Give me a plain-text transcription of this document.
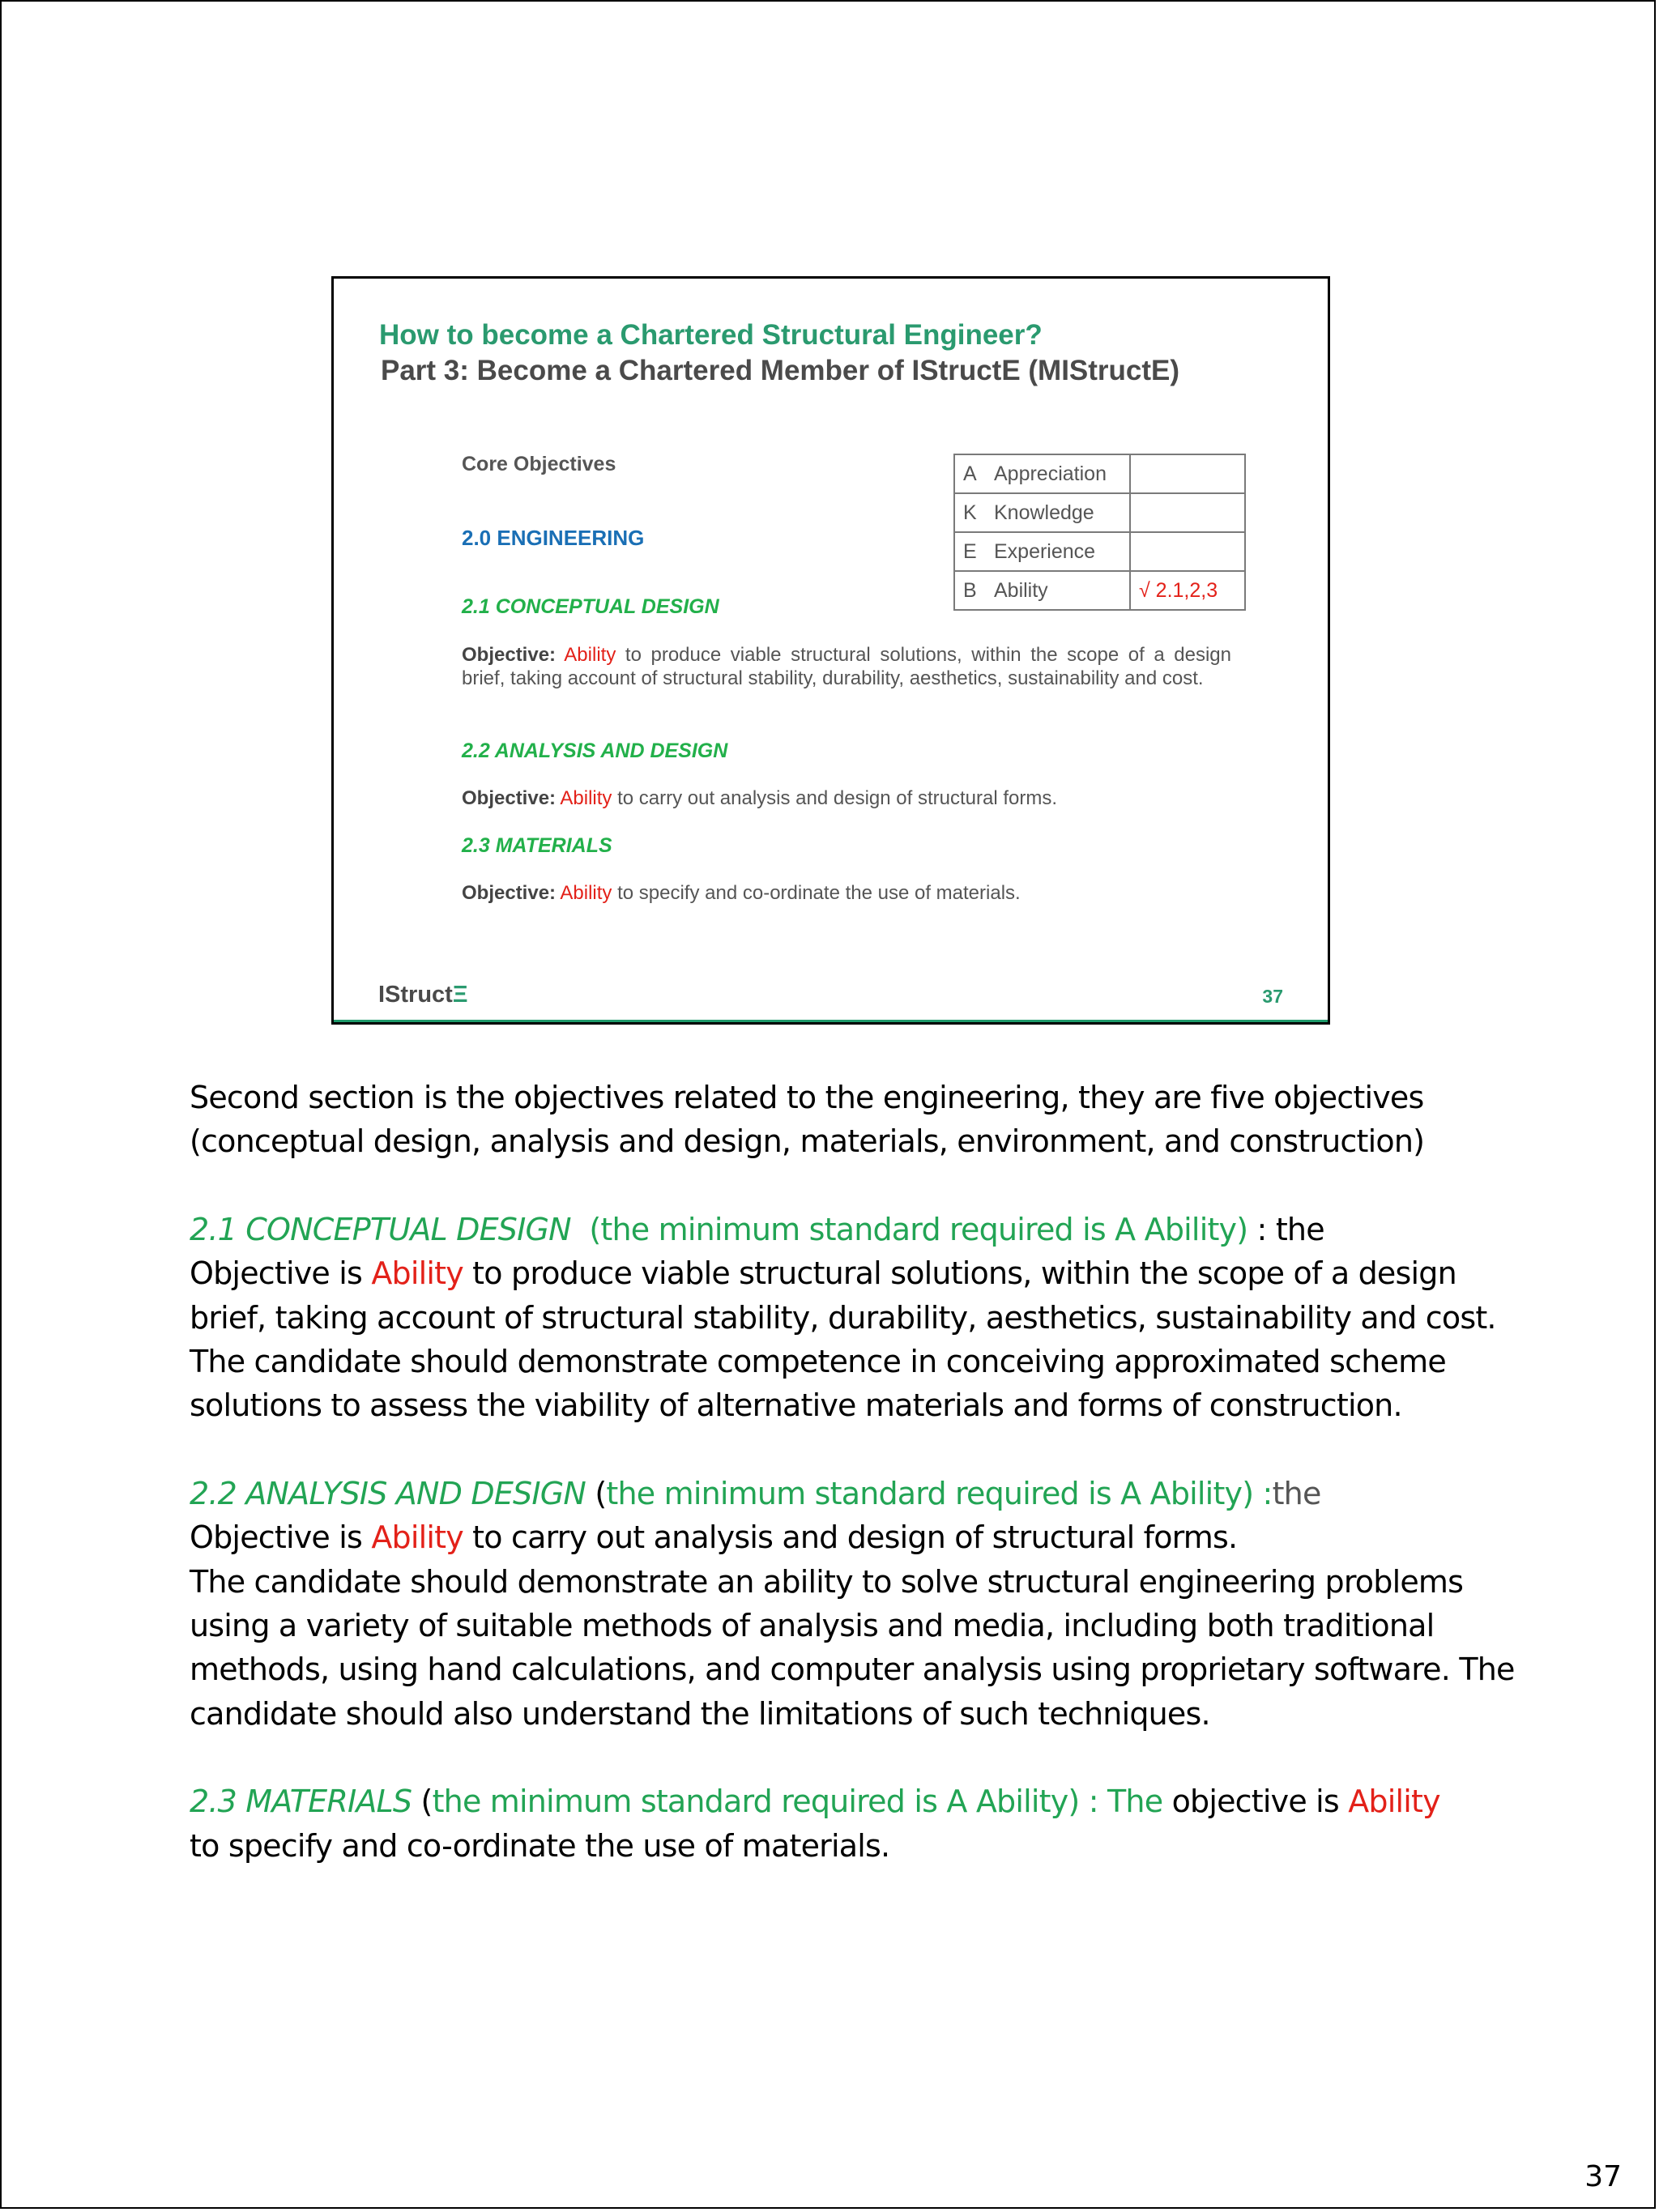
How to become a Chartered Structural Engineer?
Part 3: Become a Chartered Member of IStructE (MIStructE)
Core Objectives
2.0 ENGINEERING
A Appreciation	
K Knowledge	
E Experience	
B Ability	√ 2.1,2,3
2.1 CONCEPTUAL DESIGN
Objective: Ability to produce viable structural solutions, within the scope of a design brief, taking account of structural stability, durability, aesthetics, sustainability and cost.
2.2 ANALYSIS AND DESIGN
Objective: Ability to carry out analysis and design of structural forms.
2.3 MATERIALS
Objective: Ability to specify and co-ordinate the use of materials.
IStructΞ	37

Second section is the objectives related to the engineering, they are five objectives
(conceptual design, analysis and design, materials, environment, and construction)

2.1 CONCEPTUAL DESIGN (the minimum standard required is A Ability) : the
Objective is Ability to produce viable structural solutions, within the scope of a design brief, taking account of structural stability, durability, aesthetics, sustainability and cost.

The candidate should demonstrate competence in conceiving approximated scheme solutions to assess the viability of alternative materials and forms of construction.

2.2 ANALYSIS AND DESIGN (the minimum standard required is A Ability) :the
Objective is Ability to carry out analysis and design of structural forms.

The candidate should demonstrate an ability to solve structural engineering problems using a variety of suitable methods of analysis and media, including both traditional methods, using hand calculations, and computer analysis using proprietary software. The candidate should also understand the limitations of such techniques.

2.3 MATERIALS (the minimum standard required is A Ability) : The objective is Ability
to specify and co-ordinate the use of materials.

37
